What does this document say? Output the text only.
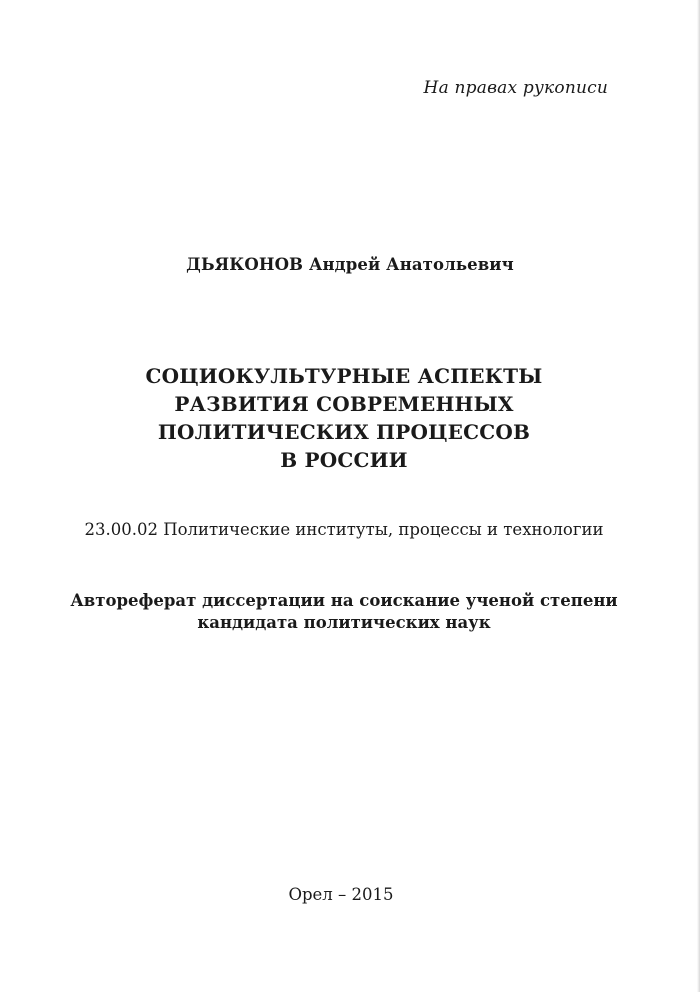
На правах рукописи
ДЬЯКОНОВ Андрей Анатольевич
СОЦИОКУЛЬТУРНЫЕ АСПЕКТЫ
РАЗВИТИЯ СОВРЕМЕННЫХ
ПОЛИТИЧЕСКИХ ПРОЦЕССОВ
В РОССИИ
23.00.02 Политические институты, процессы и технологии
Автореферат диссертации на соискание ученой степени
кандидата политических наук
Орел – 2015
